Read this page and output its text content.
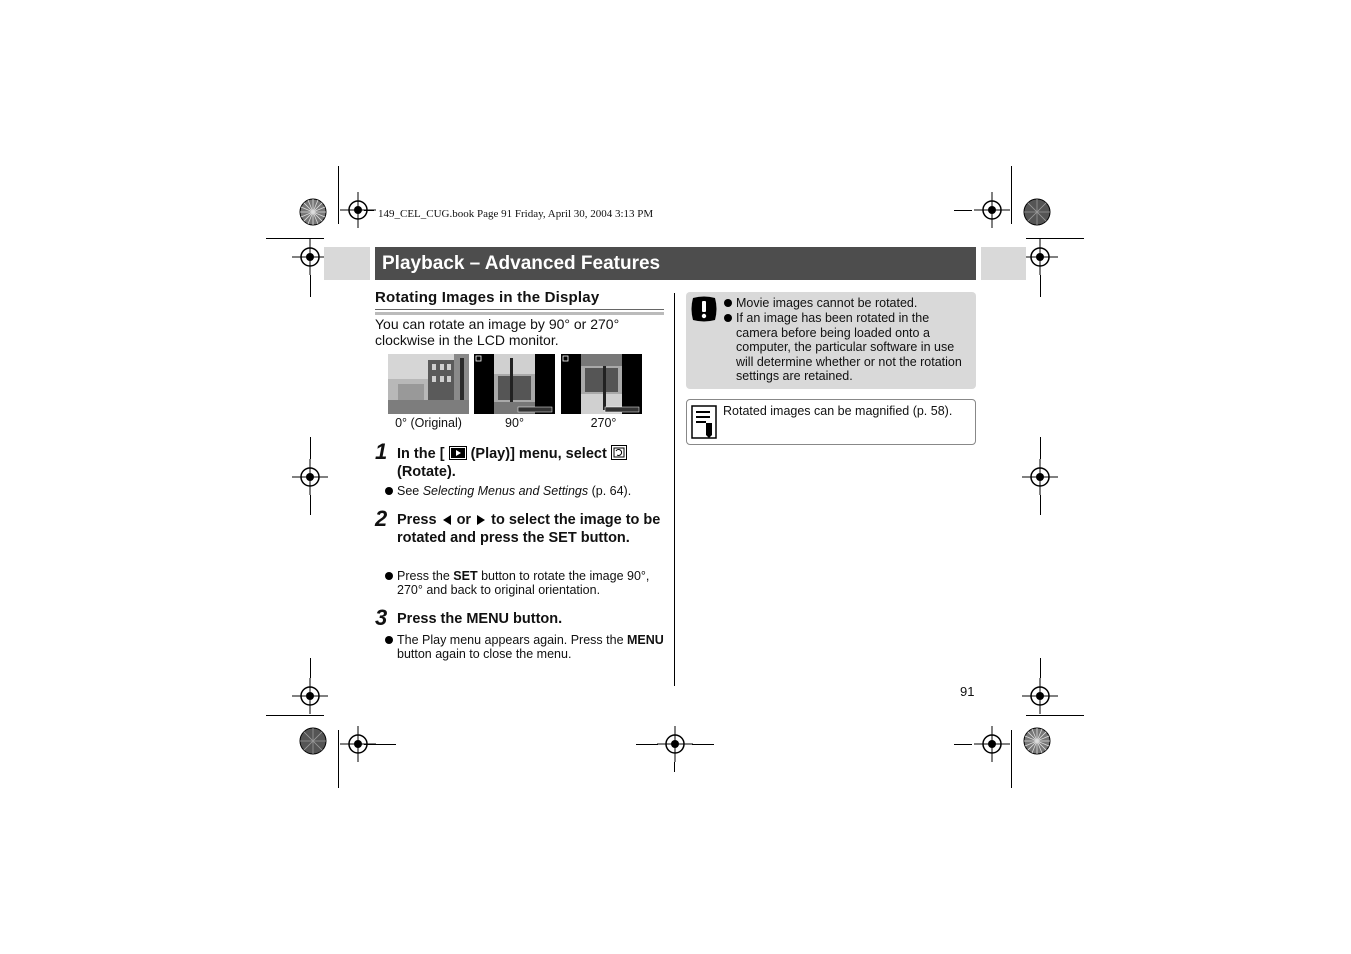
149_CEL_CUG.book Page 91 Friday, April 30, 2004 3:13 PM
Playback – Advanced Features
Rotating Images in the Display
You can rotate an image by 90° or 270° clockwise in the LCD monitor.
0° (Original)	90°	270°
1 In the [ (Play)] menu, select
(Rotate).
See Selecting Menus and Settings (p. 64).
2 Press or to select the image to be rotated and press the SET button.
Press the SET button to rotate the image 90°, 270° and back to original orientation.
3 Press the MENU button.
The Play menu appears again. Press the MENU button again to close the menu.
Movie images cannot be rotated.
If an image has been rotated in the camera before being loaded onto a computer, the particular software in use will determine whether or not the rotation settings are retained.
Rotated images can be magnified (p. 58).
91
